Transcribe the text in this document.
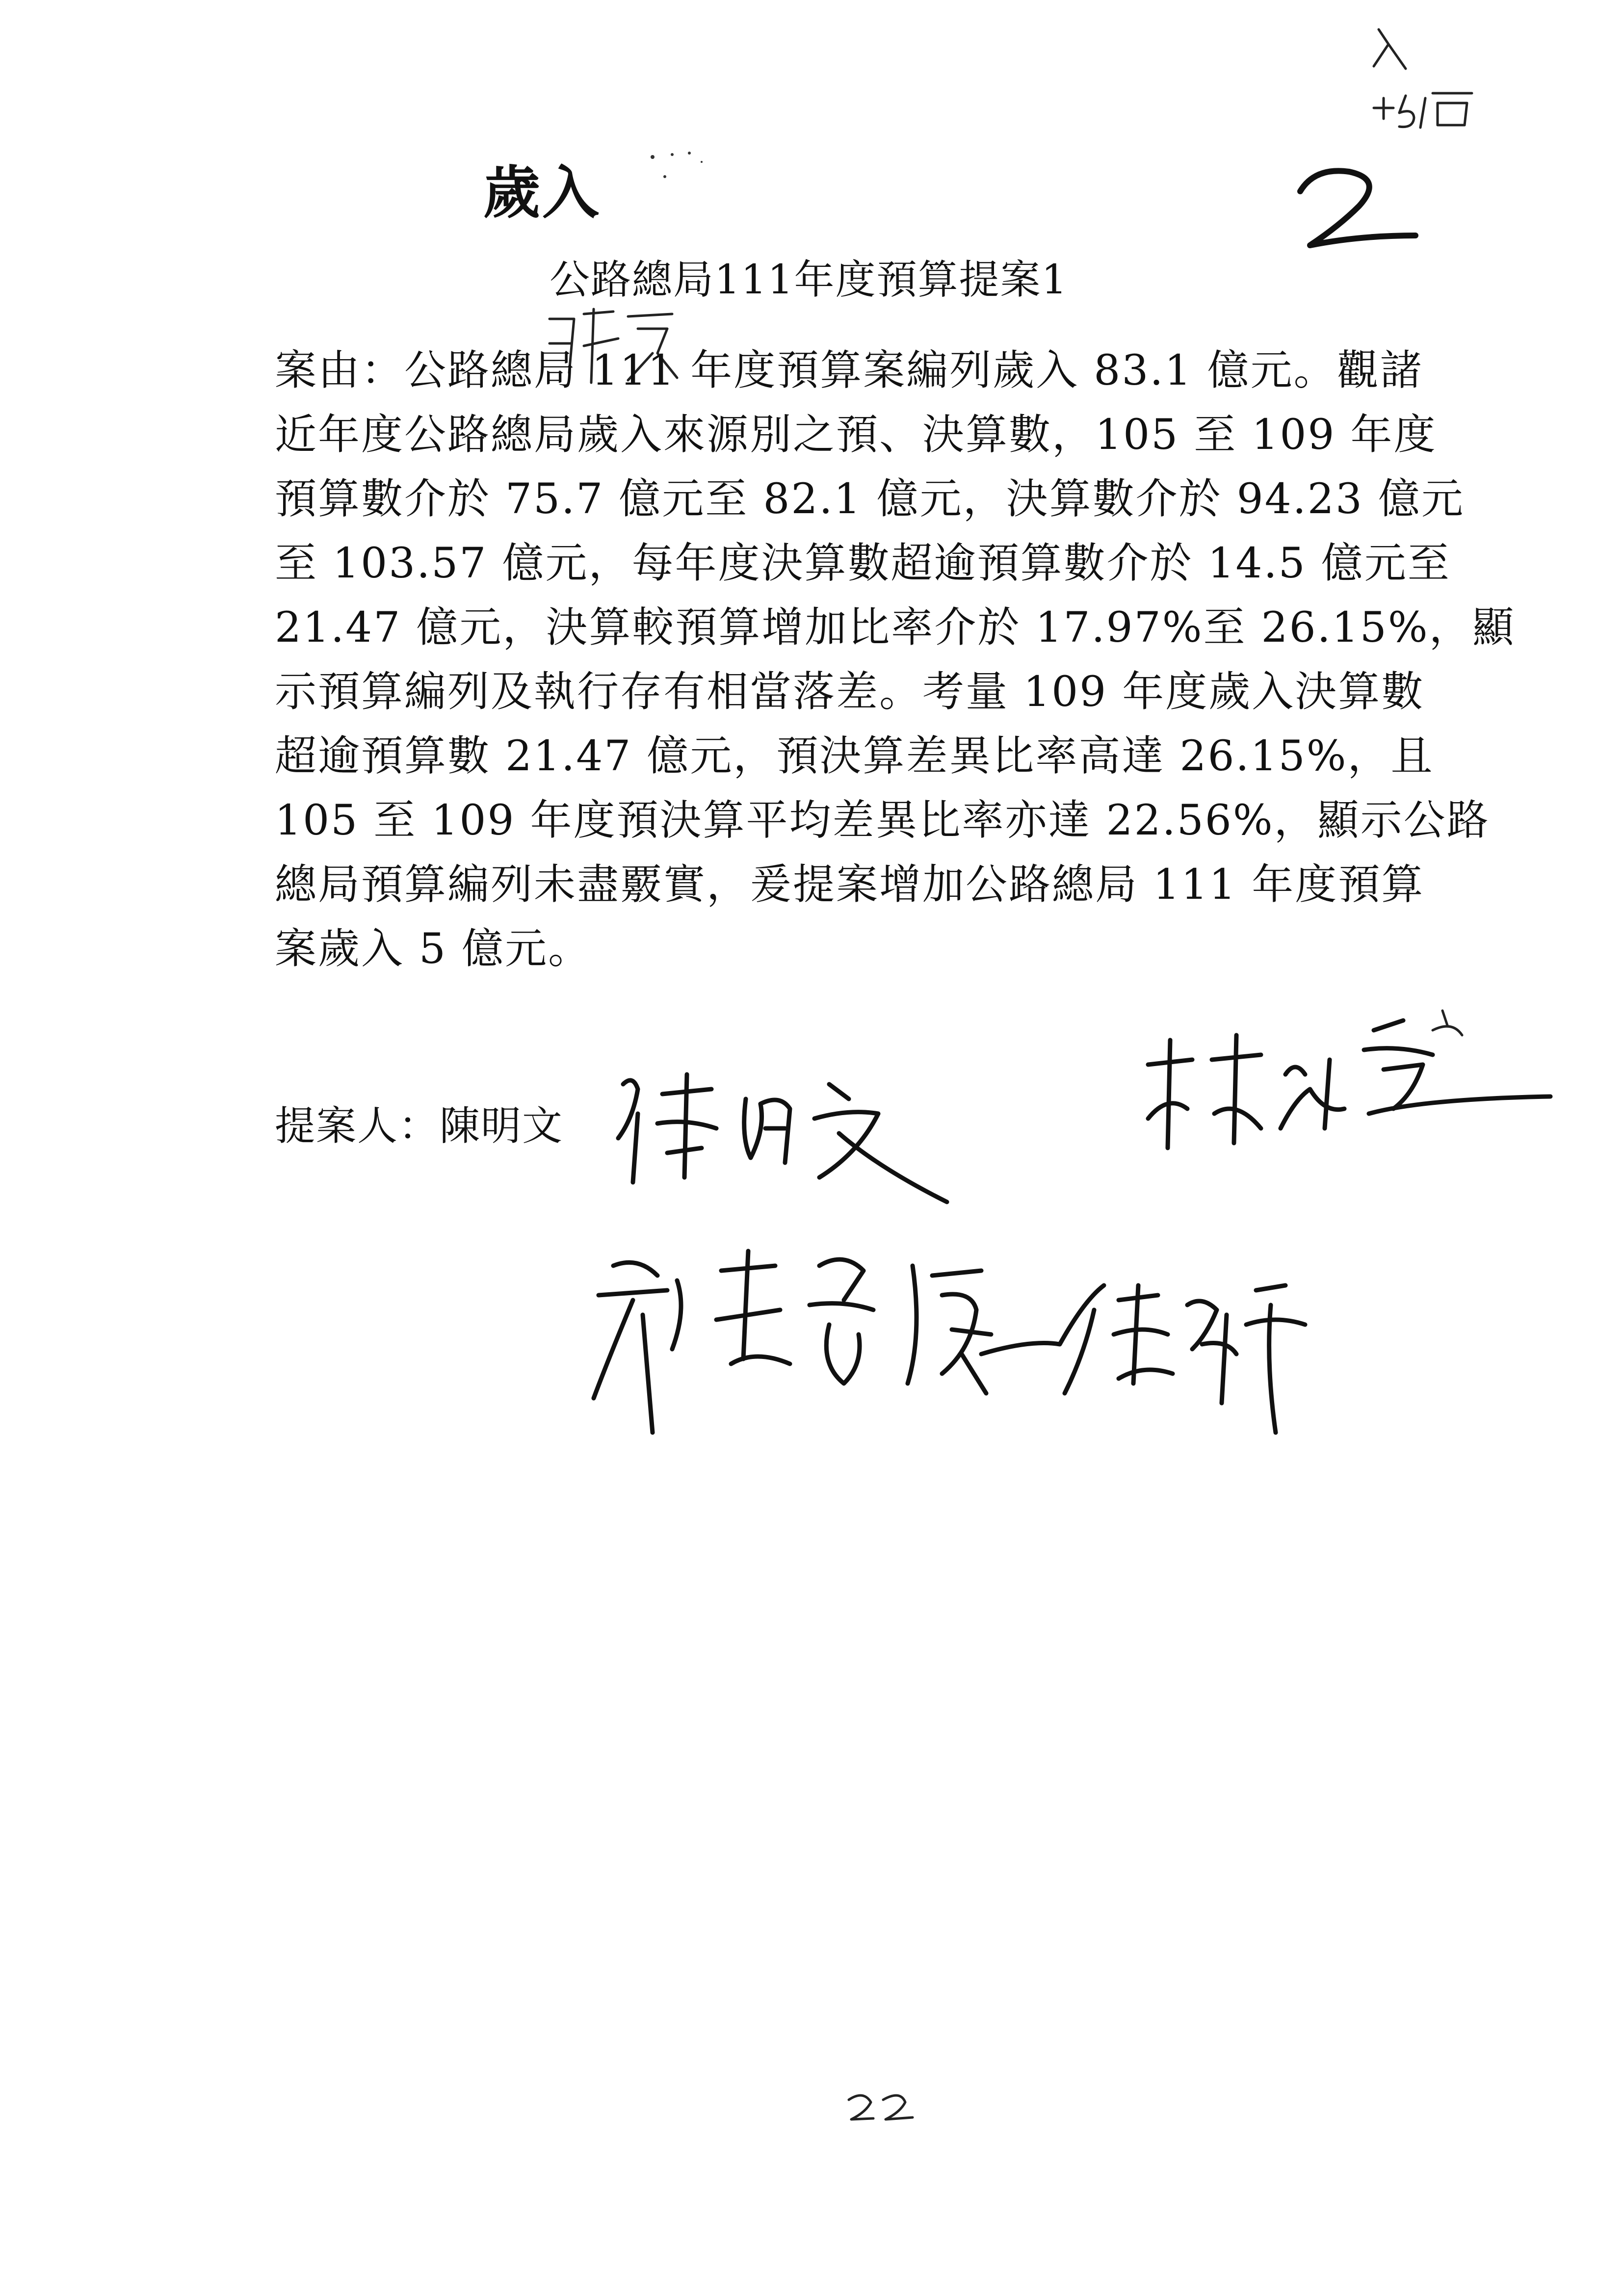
歲入
公路總局111年度預算提案1
案由：公路總局 111 年度預算案編列歲入 83.1 億元。觀諸
近年度公路總局歲入來源別之預、決算數，105 至 109 年度
預算數介於 75.7 億元至 82.1 億元，決算數介於 94.23 億元
至 103.57 億元，每年度決算數超逾預算數介於 14.5 億元至
21.47 億元，決算較預算增加比率介於 17.97%至 26.15%，顯
示預算編列及執行存有相當落差。考量 109 年度歲入決算數
超逾預算數 21.47 億元，預決算差異比率高達 26.15%，且
105 至 109 年度預決算平均差異比率亦達 22.56%，顯示公路
總局預算編列未盡覈實，爰提案增加公路總局 111 年度預算
案歲入 5 億元。
提案人：陳明文
